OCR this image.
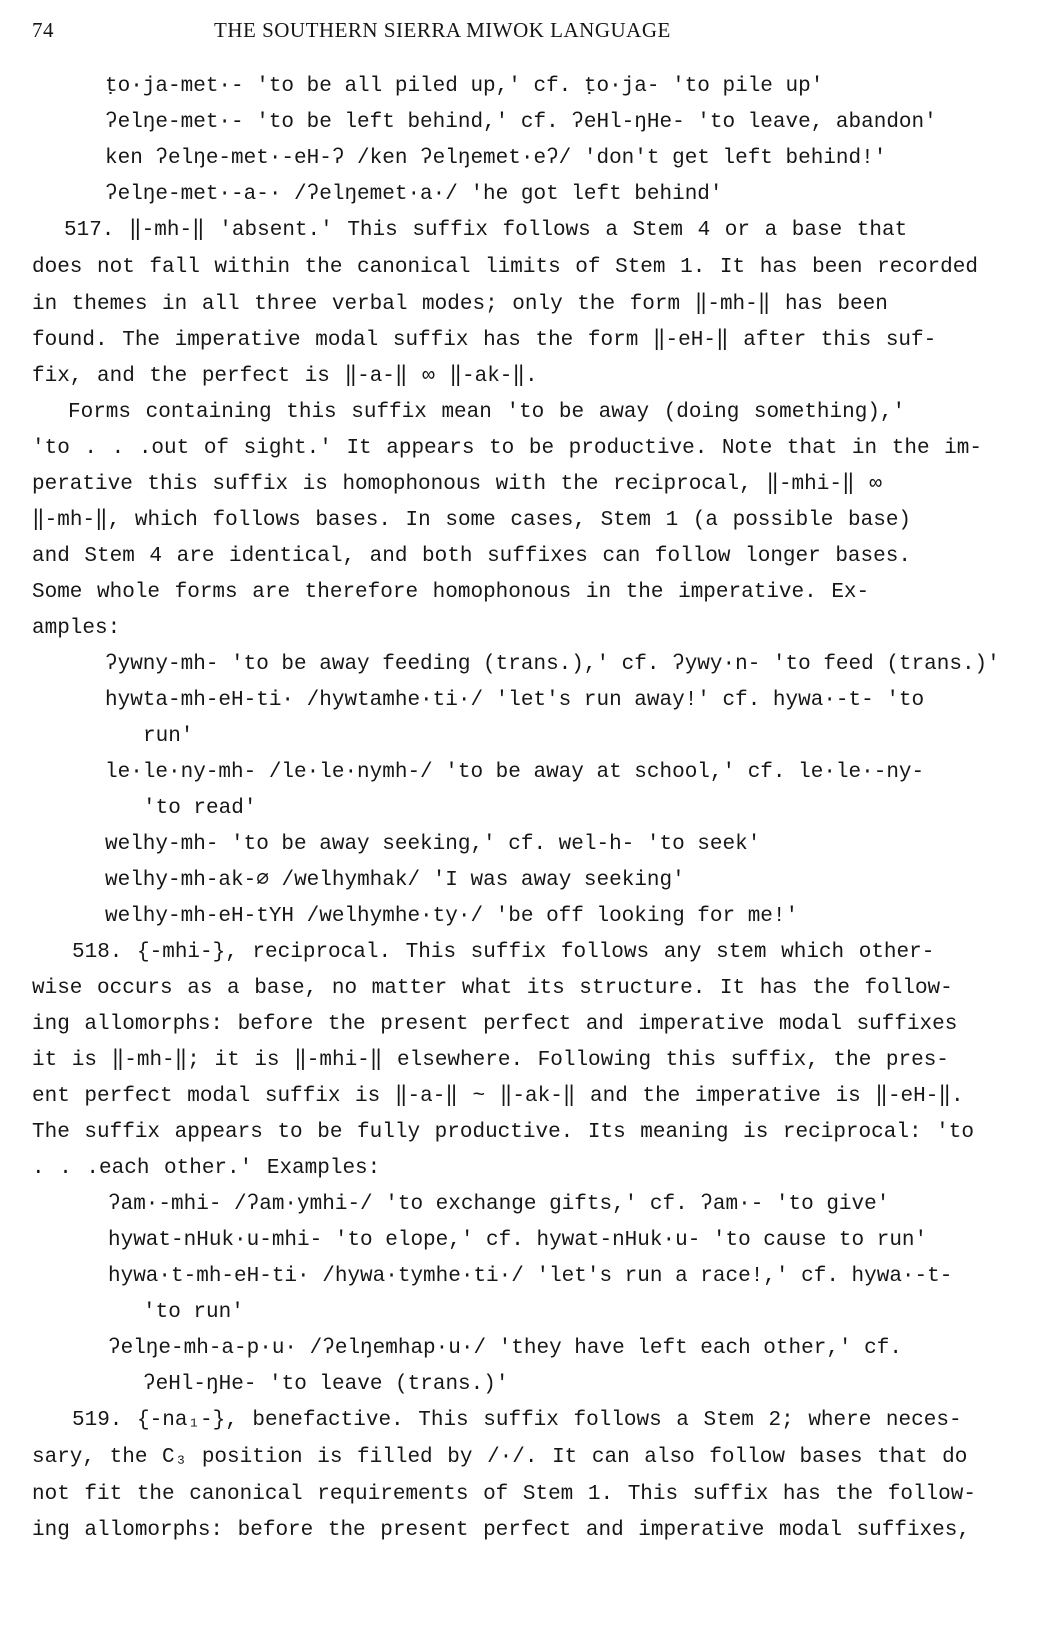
74	THE SOUTHERN SIERRA MIWOK LANGUAGE
ṭo·ja-met·- 'to be all piled up,' cf. ṭo·ja- 'to pile up'
ʔelŋe-met·- 'to be left behind,' cf. ʔeHl-ŋHe- 'to leave, abandon'
ken ʔelŋe-met·-eH-ʔ /ken ʔelŋemet·eʔ/ 'don't get left behind!'
ʔelŋe-met·-a-· /ʔelŋemet·a·/ 'he got left behind'
517. ‖-mh-‖ 'absent.' This suffix follows a Stem 4 or a base that
does not fall within the canonical limits of Stem 1. It has been recorded
in themes in all three verbal modes; only the form ‖-mh-‖ has been
found. The imperative modal suffix has the form ‖-eH-‖ after this suf-
fix, and the perfect is ‖-a-‖ ∞ ‖-ak-‖.
Forms containing this suffix mean 'to be away (doing something),'
'to . . .out of sight.' It appears to be productive. Note that in the im-
perative this suffix is homophonous with the reciprocal, ‖-mhi-‖ ∞
‖-mh-‖, which follows bases. In some cases, Stem 1 (a possible base)
and Stem 4 are identical, and both suffixes can follow longer bases.
Some whole forms are therefore homophonous in the imperative. Ex-
amples:
ʔywny-mh- 'to be away feeding (trans.),' cf. ʔywy·n- 'to feed (trans.)'
hywta-mh-eH-ti· /hywtamhe·ti·/ 'let's run away!' cf. hywa·-t- 'to
run'
le·le·ny-mh- /le·le·nymh-/ 'to be away at school,' cf. le·le·-ny-
'to read'
welhy-mh- 'to be away seeking,' cf. wel-h- 'to seek'
welhy-mh-ak-∅ /welhymhak/ 'I was away seeking'
welhy-mh-eH-tYH /welhymhe·ty·/ 'be off looking for me!'
518. {-mhi-}, reciprocal. This suffix follows any stem which other-
wise occurs as a base, no matter what its structure. It has the follow-
ing allomorphs: before the present perfect and imperative modal suffixes
it is ‖-mh-‖; it is ‖-mhi-‖ elsewhere. Following this suffix, the pres-
ent perfect modal suffix is ‖-a-‖ ~ ‖-ak-‖ and the imperative is ‖-eH-‖.
The suffix appears to be fully productive. Its meaning is reciprocal: 'to
. . .each other.' Examples:
ʔam·-mhi- /ʔam·ymhi-/ 'to exchange gifts,' cf. ʔam·- 'to give'
hywat-nHuk·u-mhi- 'to elope,' cf. hywat-nHuk·u- 'to cause to run'
hywa·t-mh-eH-ti· /hywa·tymhe·ti·/ 'let's run a race!,' cf. hywa·-t-
'to run'
ʔelŋe-mh-a-p·u· /ʔelŋemhap·u·/ 'they have left each other,' cf.
ʔeHl-ŋHe- 'to leave (trans.)'
519. {-na₁-}, benefactive. This suffix follows a Stem 2; where neces-
sary, the C₃ position is filled by /·/. It can also follow bases that do
not fit the canonical requirements of Stem 1. This suffix has the follow-
ing allomorphs: before the present perfect and imperative modal suffixes,
